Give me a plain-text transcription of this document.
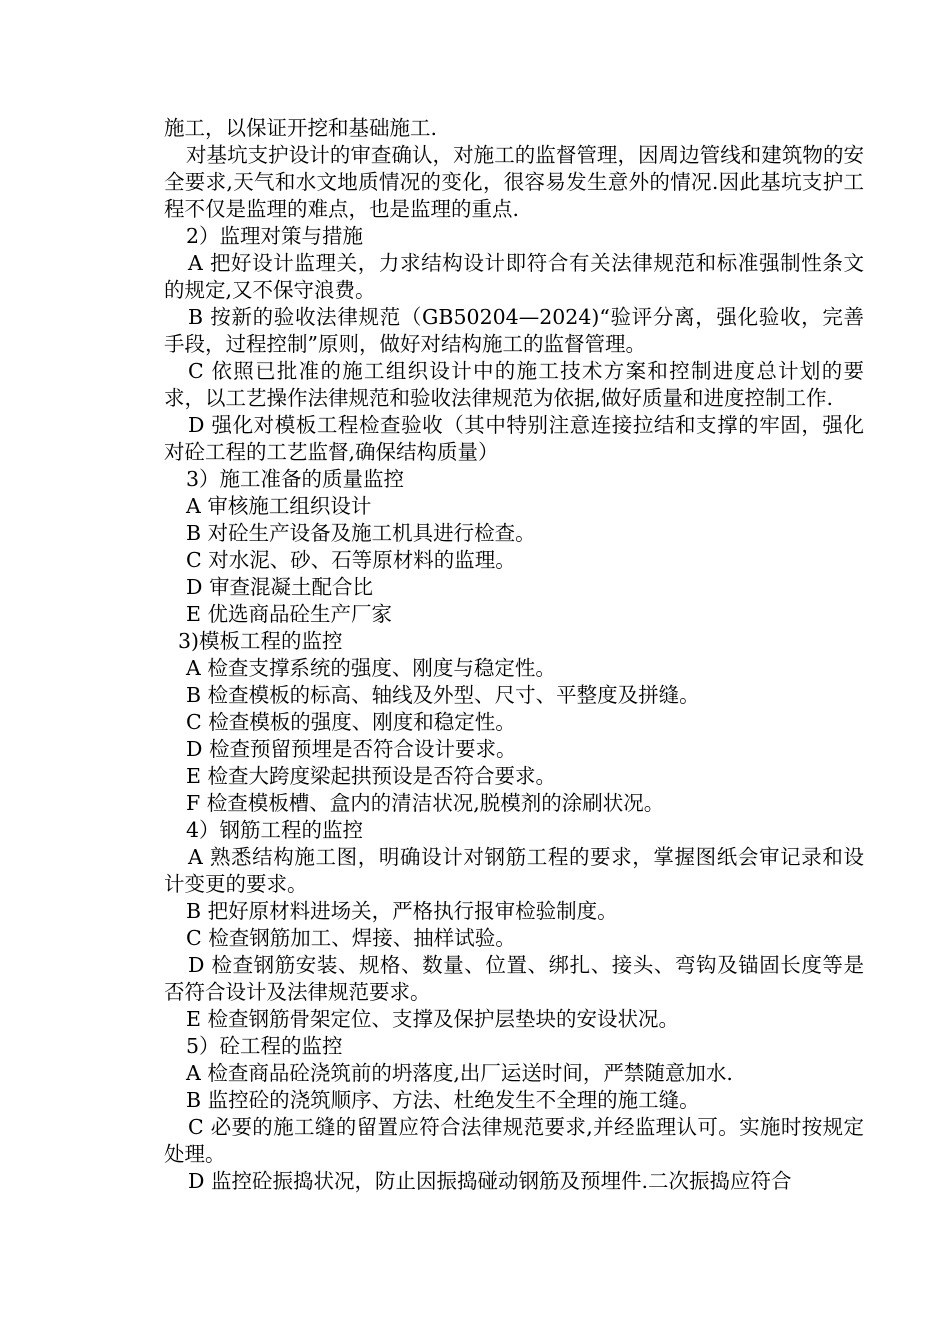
施工，以保证开挖和基础施工.

对基坑支护设计的审查确认，对施工的监督管理，因周边管线和建筑物的安全要求,天气和水文地质情况的变化，很容易发生意外的情况.因此基坑支护工程不仅是监理的难点，也是监理的重点.

2）监理对策与措施

A 把好设计监理关，力求结构设计即符合有关法律规范和标准强制性条文的规定,又不保守浪费。

B 按新的验收法律规范（GB50204—2024)“验评分离，强化验收，完善手段，过程控制”原则，做好对结构施工的监督管理。

C 依照已批准的施工组织设计中的施工技术方案和控制进度总计划的要求，以工艺操作法律规范和验收法律规范为依据,做好质量和进度控制工作.

D 强化对模板工程检查验收（其中特别注意连接拉结和支撑的牢固，强化对砼工程的工艺监督,确保结构质量）

3）施工准备的质量监控

A 审核施工组织设计

B 对砼生产设备及施工机具进行检查。

C 对水泥、砂、石等原材料的监理。

D 审查混凝土配合比

E 优选商品砼生产厂家

3)模板工程的监控

A 检查支撑系统的强度、刚度与稳定性。

B 检查模板的标高、轴线及外型、尺寸、平整度及拼缝。

C 检查模板的强度、刚度和稳定性。

D 检查预留预埋是否符合设计要求。

E 检查大跨度梁起拱预设是否符合要求。

F 检查模板槽、盒内的清洁状况,脱模剂的涂刷状况。

4）钢筋工程的监控

A 熟悉结构施工图，明确设计对钢筋工程的要求，掌握图纸会审记录和设计变更的要求。

B 把好原材料进场关，严格执行报审检验制度。

C 检查钢筋加工、焊接、抽样试验。

D 检查钢筋安装、规格、数量、位置、绑扎、接头、弯钩及锚固长度等是否符合设计及法律规范要求。

E 检查钢筋骨架定位、支撑及保护层垫块的安设状况。

5）砼工程的监控

A 检查商品砼浇筑前的坍落度,出厂运送时间，严禁随意加水.

B 监控砼的浇筑顺序、方法、杜绝发生不全理的施工缝。

C 必要的施工缝的留置应符合法律规范要求,并经监理认可。实施时按规定处理。

D 监控砼振捣状况，防止因振捣碰动钢筋及预埋件.二次振捣应符合
